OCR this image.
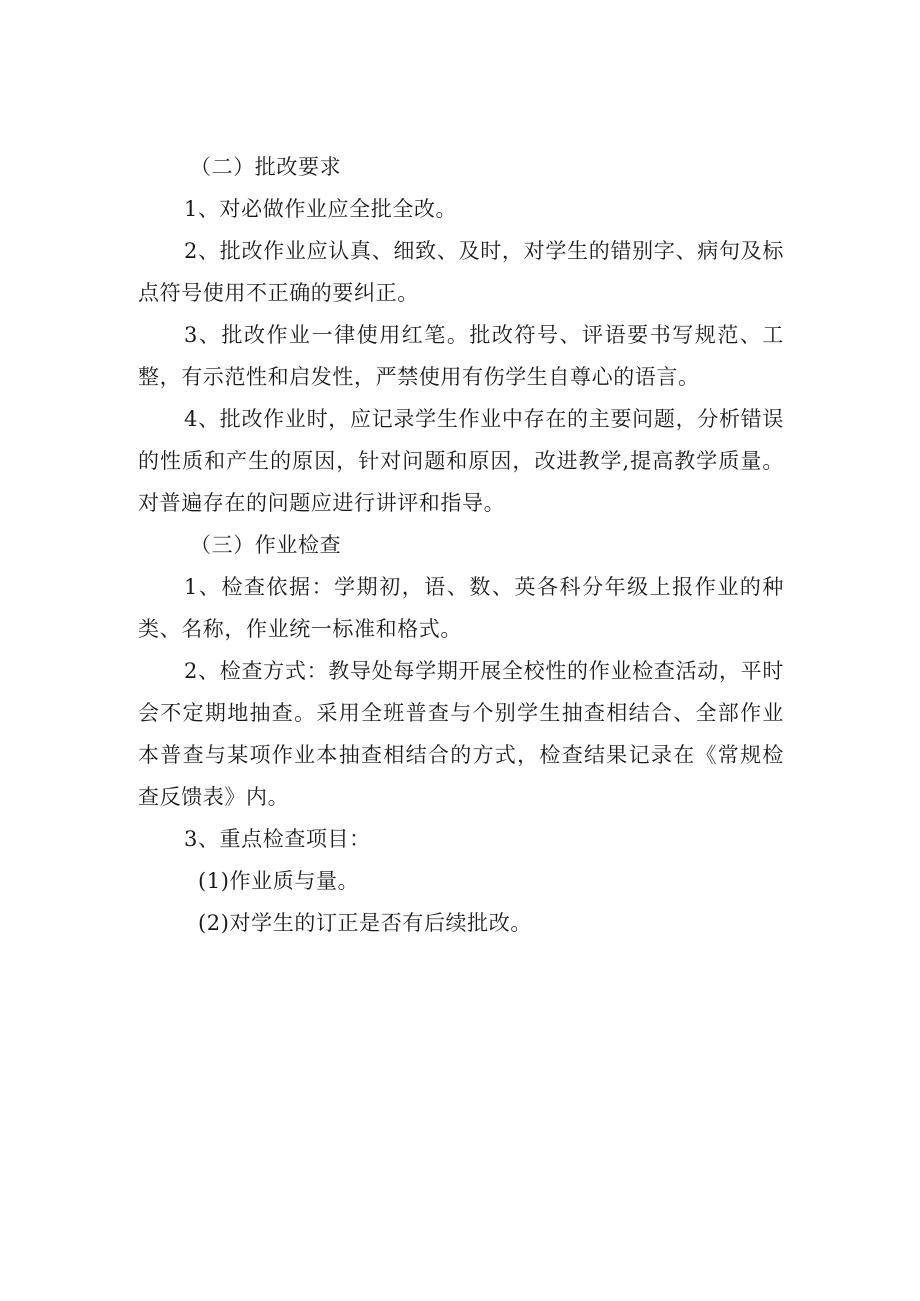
（二）批改要求

1、对必做作业应全批全改。

2、批改作业应认真、细致、及时，对学生的错别字、病句及标点符号使用不正确的要纠正。

3、批改作业一律使用红笔。批改符号、评语要书写规范、工整，有示范性和启发性，严禁使用有伤学生自尊心的语言。

4、批改作业时，应记录学生作业中存在的主要问题，分析错误的性质和产生的原因，针对问题和原因，改进教学,提高教学质量。对普遍存在的问题应进行讲评和指导。

（三）作业检查

1、检查依据：学期初，语、数、英各科分年级上报作业的种类、名称，作业统一标准和格式。

2、检查方式：教导处每学期开展全校性的作业检查活动，平时会不定期地抽查。采用全班普查与个别学生抽查相结合、全部作业本普查与某项作业本抽查相结合的方式，检查结果记录在《常规检查反馈表》内。

3、重点检查项目：

(1)作业质与量。

(2)对学生的订正是否有后续批改。
